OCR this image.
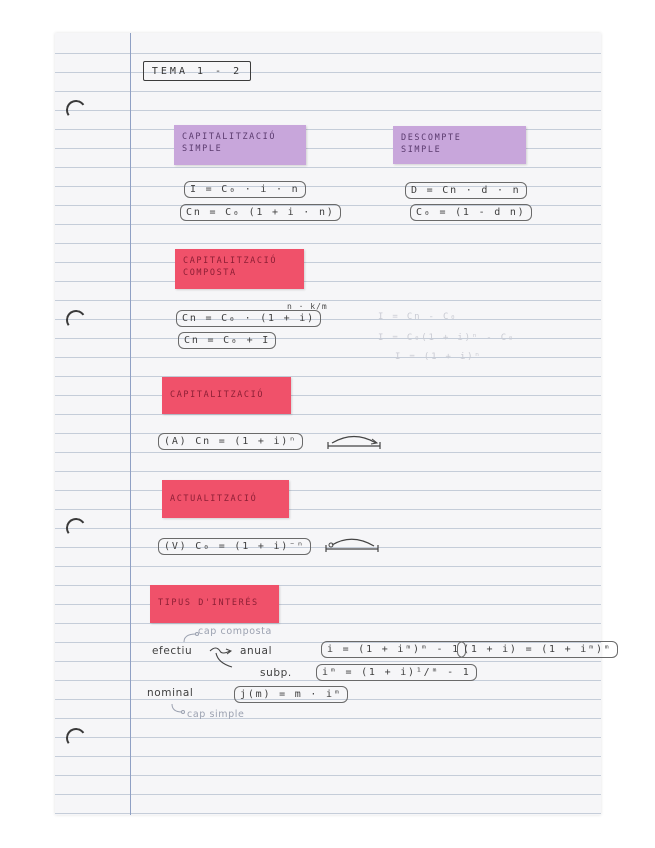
TEMA 1 - 2
CAPITALITZACIÓ
SIMPLE
I = C₀ · i · n
Cn = C₀ (1 + i · n)
DESCOMPTE
SIMPLE
D = Cn · d · n
C₀ = (1 - d n)
CAPITALITZACIÓ
COMPOSTA
Cn = C₀ · (1 + i)
n · k/m
Cn = C₀ + I
I = Cn - C₀
I = C₀(1 + i)ⁿ - C₀
I = (1 + i)ⁿ
CAPITALITZACIÓ
(A) Cn = (1 + i)ⁿ
ACTUALITZACIÓ
(V) C₀ = (1 + i)⁻ⁿ
TIPUS D'INTERÉS
cap composta
efectiu	anual
subp.
i = (1 + iᵐ)ᵐ - 1
iᵐ = (1 + i)¹/ᵐ - 1
(1 + i) = (1 + iᵐ)ᵐ
nominal	j(m) = m · iᵐ
cap simple
